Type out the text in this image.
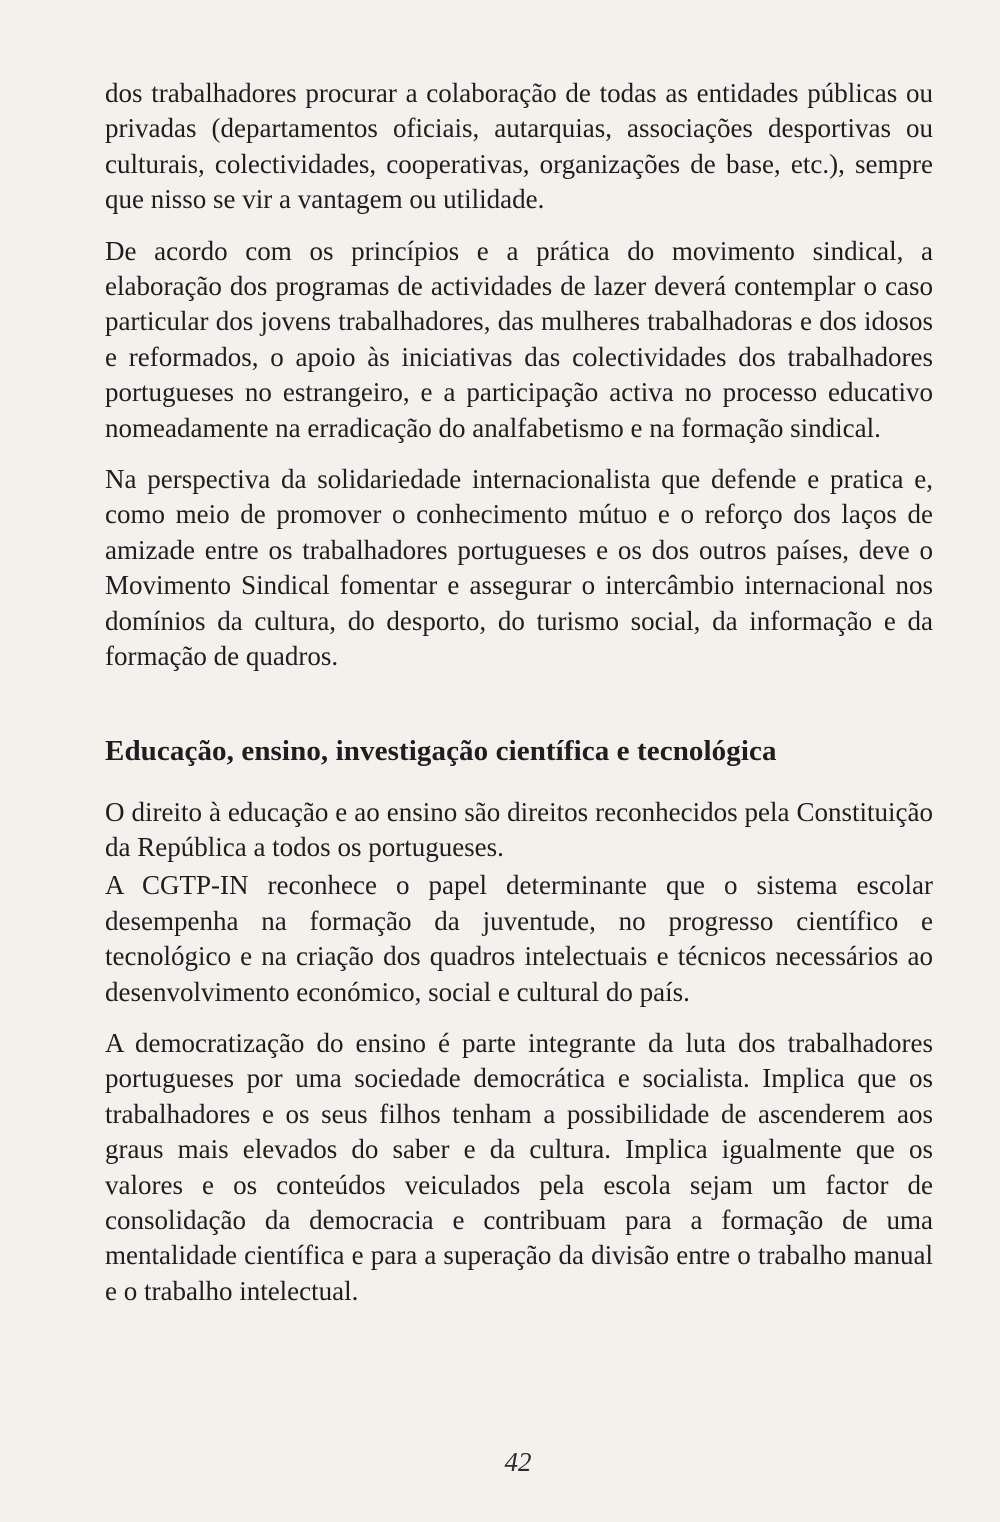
dos trabalhadores procurar a colaboração de todas as entidades públicas ou privadas (departamentos oficiais, autarquias, associações desportivas ou culturais, colectividades, cooperativas, organizações de base, etc.), sempre que nisso se vir a vantagem ou utilidade.

De acordo com os princípios e a prática do movimento sindical, a elaboração dos programas de actividades de lazer deverá contemplar o caso particular dos jovens trabalhadores, das mulheres trabalhadoras e dos idosos e reformados, o apoio às iniciativas das colectividades dos trabalhadores portugueses no estrangeiro, e a participação activa no processo educativo nomeadamente na erradicação do analfabetismo e na formação sindical.

Na perspectiva da solidariedade internacionalista que defende e pratica e, como meio de promover o conhecimento mútuo e o reforço dos laços de amizade entre os trabalhadores portugueses e os dos outros países, deve o Movimento Sindical fomentar e assegurar o intercâmbio internacional nos domínios da cultura, do desporto, do turismo social, da informação e da formação de quadros.

Educação, ensino, investigação científica e tecnológica

O direito à educação e ao ensino são direitos reconhecidos pela Constituição da República a todos os portugueses.

A CGTP-IN reconhece o papel determinante que o sistema escolar desempenha na formação da juventude, no progresso científico e tecnológico e na criação dos quadros intelectuais e técnicos necessários ao desenvolvimento económico, social e cultural do país.

A democratização do ensino é parte integrante da luta dos trabalhadores portugueses por uma sociedade democrática e socialista. Implica que os trabalhadores e os seus filhos tenham a possibilidade de ascenderem aos graus mais elevados do saber e da cultura. Implica igualmente que os valores e os conteúdos veiculados pela escola sejam um factor de consolidação da democracia e contribuam para a formação de uma mentalidade científica e para a superação da divisão entre o trabalho manual e o trabalho intelectual.

42
